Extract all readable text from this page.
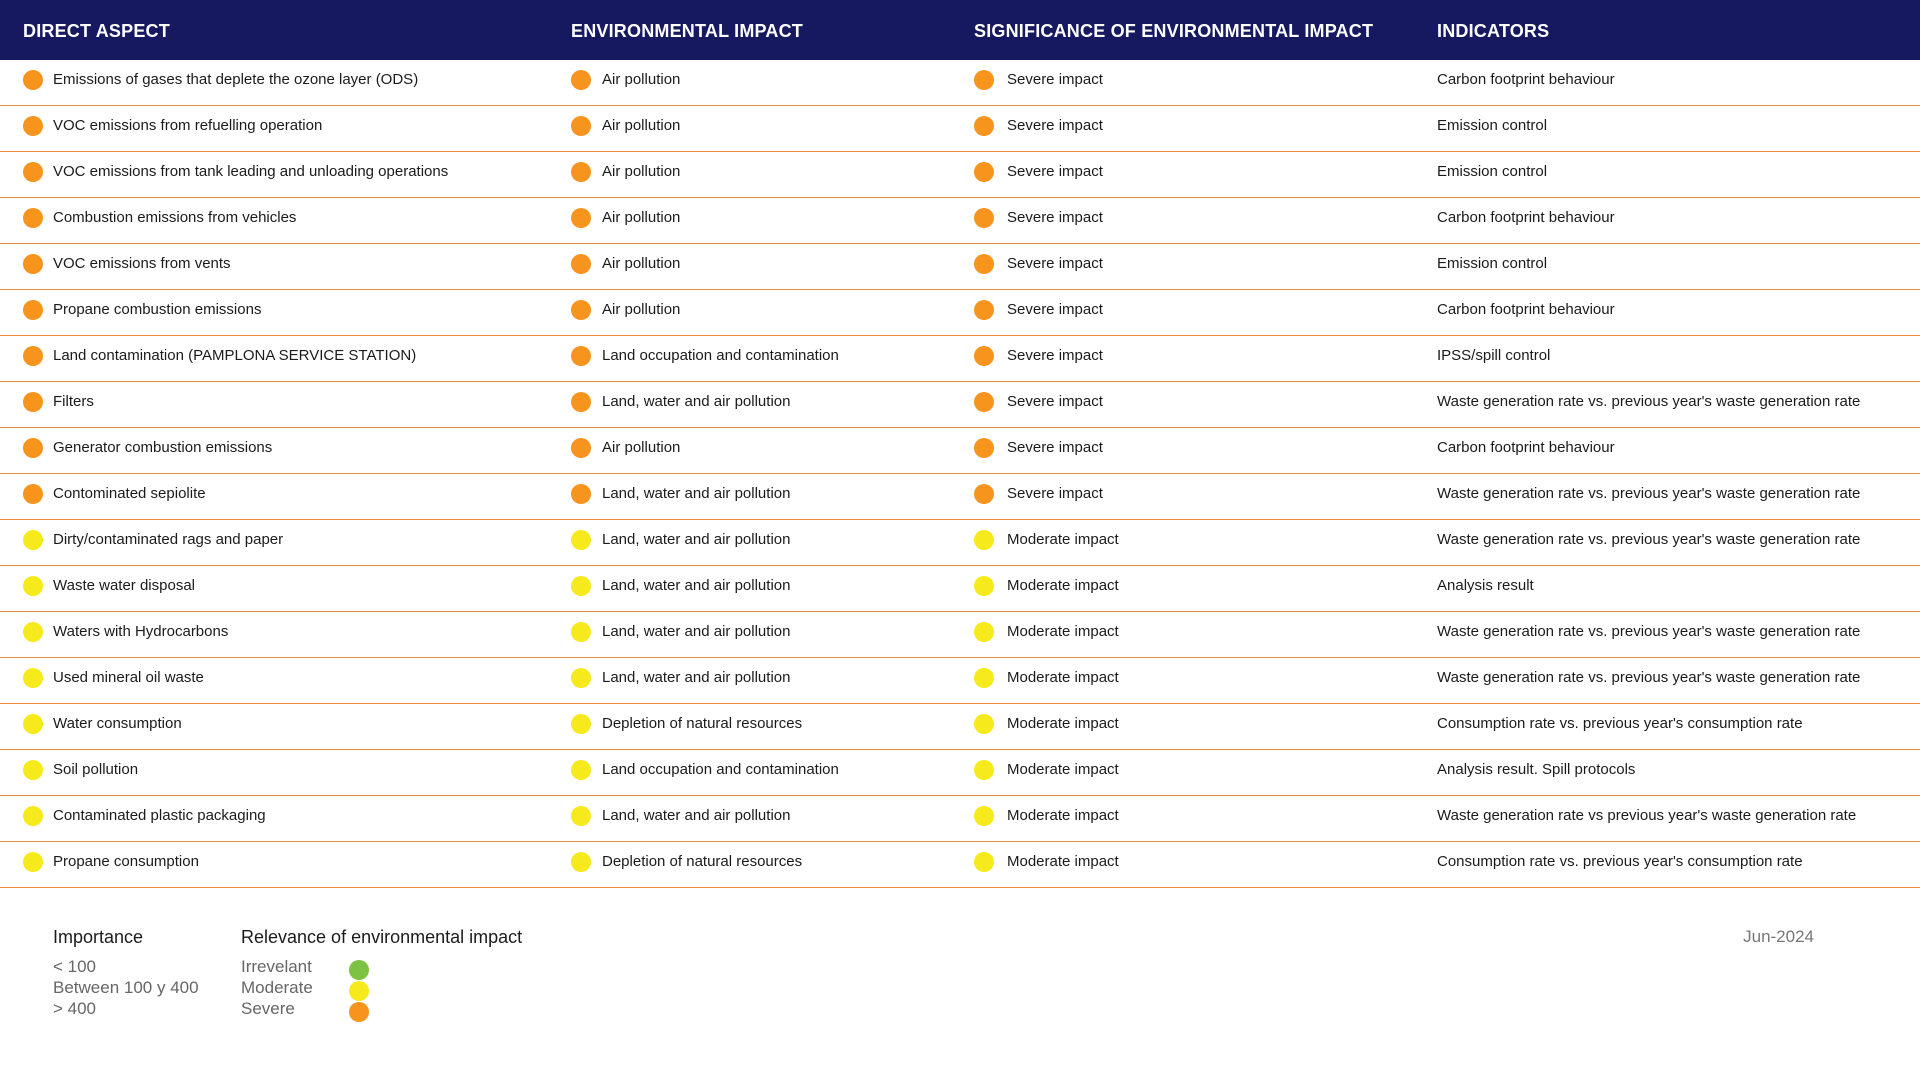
DIRECT ASPECT	ENVIRONMENTAL IMPACT	SIGNIFICANCE OF ENVIRONMENTAL IMPACT	INDICATORS
Emissions of gases that deplete the ozone layer (ODS)	Air pollution	Severe impact	Carbon footprint behaviour
VOC emissions from refuelling operation	Air pollution	Severe impact	Emission control
VOC emissions from tank leading and unloading operations	Air pollution	Severe impact	Emission control
Combustion emissions from vehicles	Air pollution	Severe impact	Carbon footprint behaviour
VOC emissions from vents	Air pollution	Severe impact	Emission control
Propane combustion emissions	Air pollution	Severe impact	Carbon footprint behaviour
Land contamination (PAMPLONA SERVICE STATION)	Land occupation and contamination	Severe impact	IPSS/spill control
Filters	Land, water and air pollution	Severe impact	Waste generation rate vs. previous year's waste generation rate
Generator combustion emissions	Air pollution	Severe impact	Carbon footprint behaviour
Contominated sepiolite	Land, water and air pollution	Severe impact	Waste generation rate vs. previous year's waste generation rate
Dirty/contaminated rags and paper	Land, water and air pollution	Moderate impact	Waste generation rate vs. previous year's waste generation rate
Waste water disposal	Land, water and air pollution	Moderate impact	Analysis result
Waters with Hydrocarbons	Land, water and air pollution	Moderate impact	Waste generation rate vs. previous year's waste generation rate
Used mineral oil waste	Land, water and air pollution	Moderate impact	Waste generation rate vs. previous year's waste generation rate
Water consumption	Depletion of natural resources	Moderate impact	Consumption rate vs. previous year's consumption rate
Soil pollution	Land occupation and contamination	Moderate impact	Analysis result. Spill protocols
Contaminated plastic packaging	Land, water and air pollution	Moderate impact	Waste generation rate vs previous year's waste generation rate
Propane consumption	Depletion of natural resources	Moderate impact	Consumption rate vs. previous year's consumption rate
Importance
< 100
Between 100 y 400
> 400
Relevance of environmental impact
Irrevelant
Moderate
Severe
Jun-2024
